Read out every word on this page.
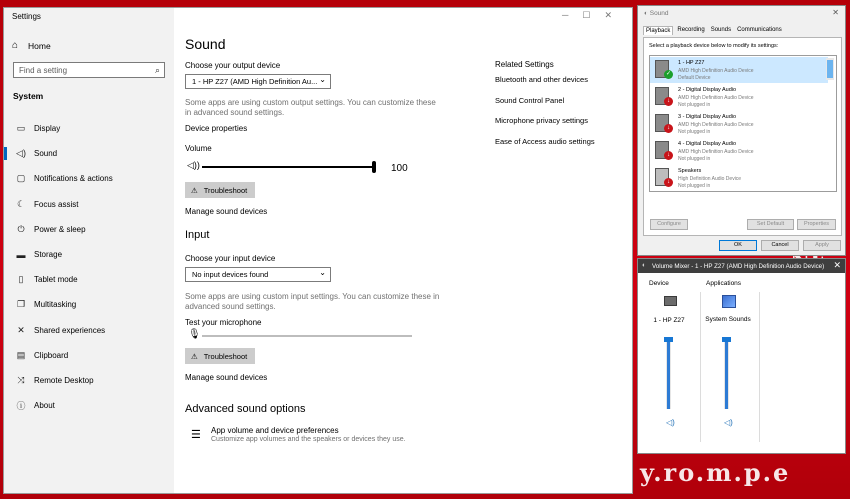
y.ro.m.p.e
Settings
⌂ Home
Find a setting	⌕
System
▭	Display
◁) Sound
▢	Notifications & actions
☾	Focus assist
⏻	Power & sleep
▬	Storage
▯	Tablet mode
❐	Multitasking
✕	Shared experiences
▤	Clipboard
⤨	Remote Desktop
ⓘ	About
─☐✕
Sound
Choose your output device
1 - HP Z27 (AMD High Definition Au... ⌄
Some apps are using custom output settings. You can customize these
in advanced sound settings.
Device properties
Volume
◁))	100
⚠ Troubleshoot
Manage sound devices
Input
Choose your input device
No input devices found	⌄
Some apps are using custom input settings. You can customize these in
advanced sound settings.
Test your microphone
🎙
⚠ Troubleshoot
Manage sound devices
Advanced sound options
☰ App volume and device preferences
Customize app volumes and the speakers or devices they use.
Related Settings
Bluetooth and other devices
Sound Control Panel
Microphone privacy settings
Ease of Access audio settings
◐ Sound	✕
Playback	Recording	Sounds	Communications
Select a playback device below to modify its settings:
✓
1 - HP Z27
AMD High Definition Audio Device
Default Device
↓
2 - Digital Display Audio
AMD High Definition Audio Device
Not plugged in
↓
3 - Digital Display Audio
AMD High Definition Audio Device
Not plugged in
↓
4 - Digital Display Audio
AMD High Definition Audio Device
Not plugged in
↓
Speakers
High Definition Audio Device
Not plugged in
Configure	Set Default	Properties
OK	Cancel	Apply
◐ Volume Mixer - 1 - HP Z27 (AMD High Definition Audio Device)	✕
Device	Applications
1 - HP Z27
◁)
System Sounds
◁)
